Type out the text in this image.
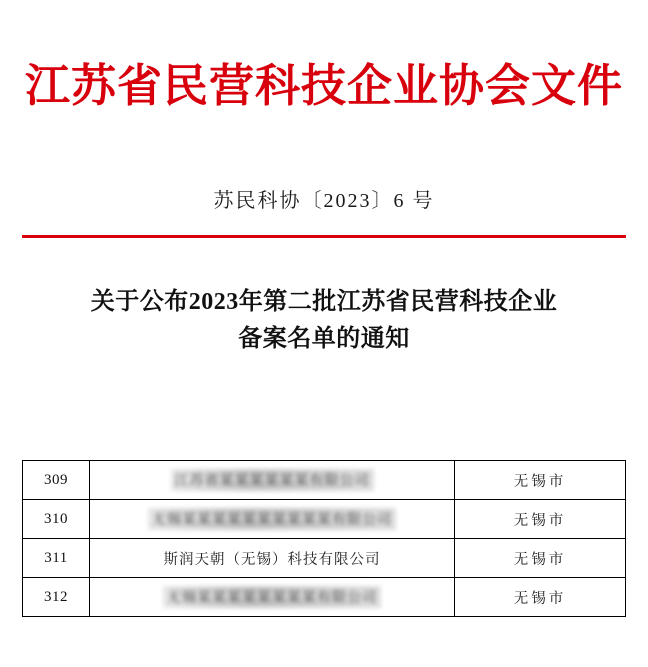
江苏省民营科技企业协会文件
苏民科协〔2023〕6 号
关于公布2023年第二批江苏省民营科技企业
备案名单的通知
309	江苏省某某某某某某有限公司	无锡市
310	无锡某某某某某某某某某某有限公司	无锡市
311	斯润天朝（无锡）科技有限公司	无锡市
312	无锡某某某某某某某某有限公司	无锡市
